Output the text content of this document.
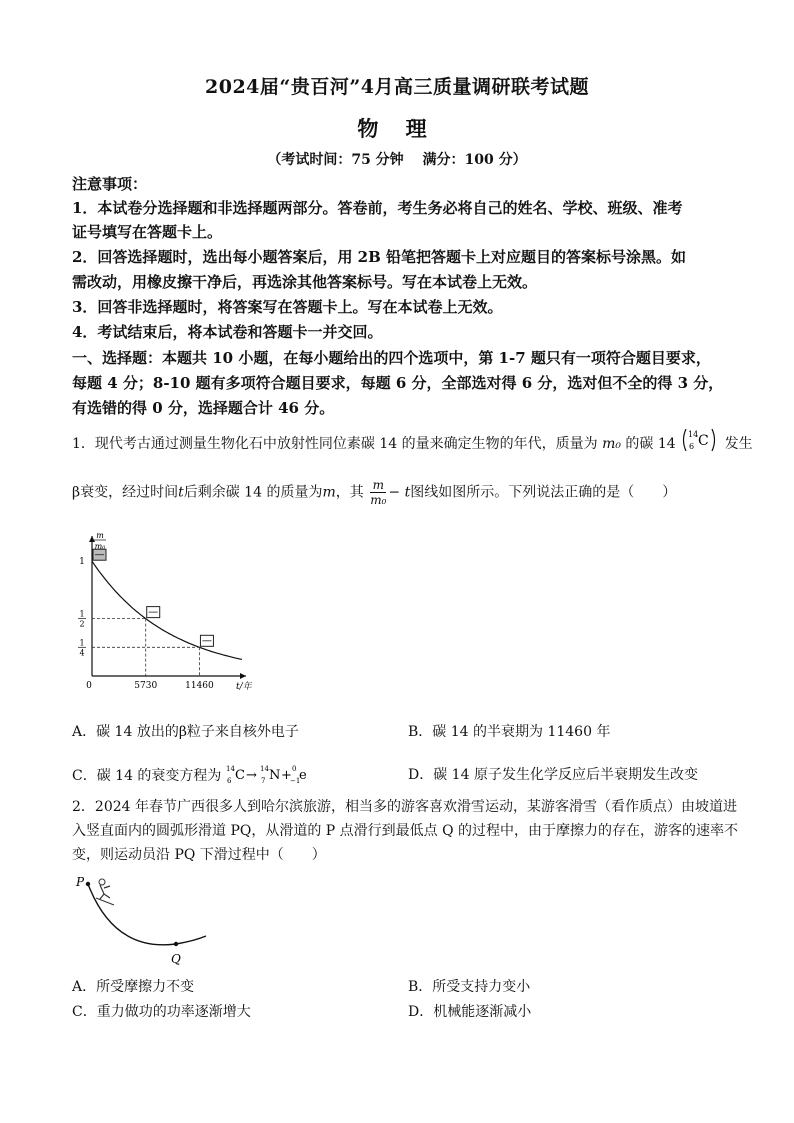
2024届“贵百河”4月高三质量调研联考试题
物 理
（考试时间：75 分钟　 满分：100 分）
注意事项：
1．本试卷分选择题和非选择题两部分。答卷前，考生务必将自己的姓名、学校、班级、准考
证号填写在答题卡上。
2．回答选择题时，选出每小题答案后，用 2B 铅笔把答题卡上对应题目的答案标号涂黑。如
需改动，用橡皮擦干净后，再选涂其他答案标号。写在本试卷上无效。
3．回答非选择题时，将答案写在答题卡上。写在本试卷上无效。
4．考试结束后，将本试卷和答题卡一并交回。
一、选择题：本题共 10 小题，在每小题给出的四个选项中，第 1-7 题只有一项符合题目要求，
每题 4 分；8-10 题有多项符合题目要求，每题 6 分，全部选对得 6 分，选对但不全的得 3 分，
有选错的得 0 分，选择题合计 46 分。
1．现代考古通过测量生物化石中放射性同位素碳 14 的量来确定生物的年代，质量为 m₀ 的碳 14
14
6 C 发生
β衰变，经过时间t后剩余碳 14 的质量为m，其 $\frac{m}{\text{m₀}} - t$图线如图所示。下列说法正确的是（　　）
0	5730	11460 t/年
1
1
2
1
4
m
m₀
A．碳 14 放出的β粒子来自核外电子	B．碳 14 的半衰期为 11460 年
C．碳 14 的衰变方程为 14
6 C → 14
7 N + 0
−1
e	D．碳 14 原子发生化学反应后半衰期发生改变
2．2024 年春节广西很多人到哈尔滨旅游，相当多的游客喜欢滑雪运动，某游客滑雪（看作质点）由坡道进
入竖直面内的圆弧形滑道 PQ，从滑道的 P 点滑行到最低点 Q 的过程中，由于摩擦力的存在，游客的速率不
变，则运动员沿 PQ 下滑过程中（　　）
P
Q
A．所受摩擦力不变	B．所受支持力变小
C．重力做功的功率逐渐增大	D．机械能逐渐减小
